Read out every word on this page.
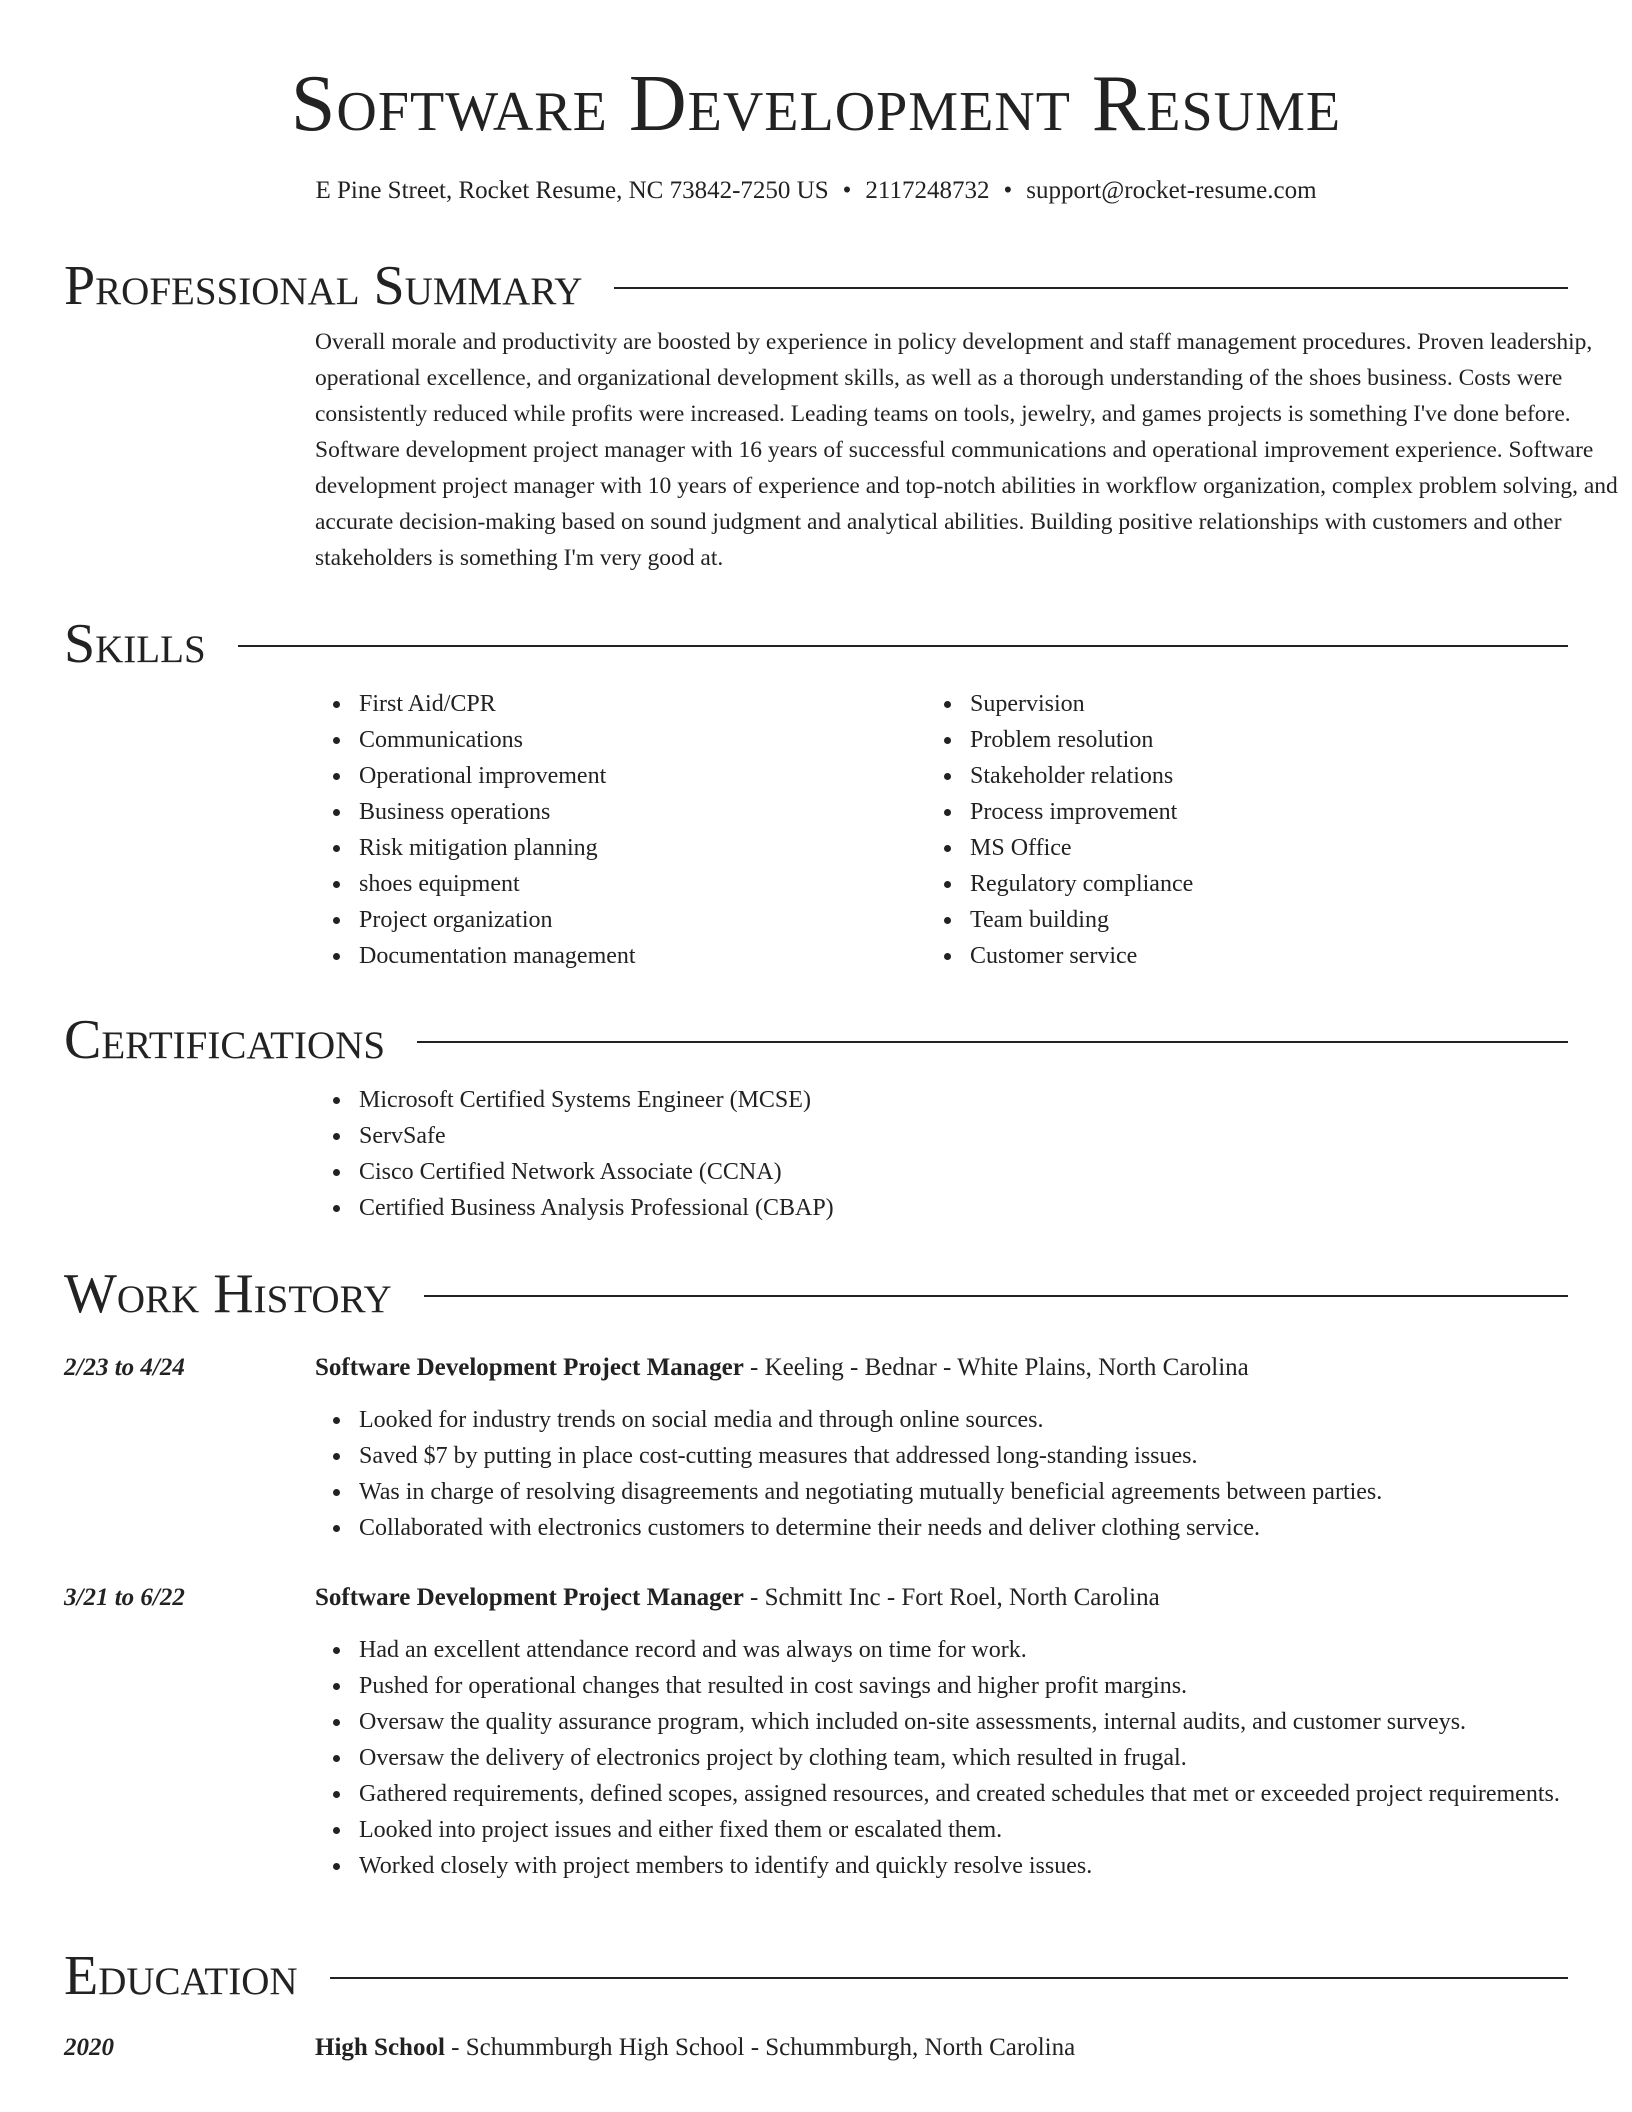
Software Development Resume
E Pine Street, Rocket Resume, NC 73842-7250 US • 2117248732 • support@rocket-resume.com
Professional Summary
Overall morale and productivity are boosted by experience in policy development and staff management procedures. Proven leadership, operational excellence, and organizational development skills, as well as a thorough understanding of the shoes business. Costs were consistently reduced while profits were increased. Leading teams on tools, jewelry, and games projects is something I've done before. Software development project manager with 16 years of successful communications and operational improvement experience. Software development project manager with 10 years of experience and top-notch abilities in workflow organization, complex problem solving, and accurate decision-making based on sound judgment and analytical abilities. Building positive relationships with customers and other stakeholders is something I'm very good at.
Skills
First Aid/CPR
Communications
Operational improvement
Business operations
Risk mitigation planning
shoes equipment
Project organization
Documentation management
Supervision
Problem resolution
Stakeholder relations
Process improvement
MS Office
Regulatory compliance
Team building
Customer service
Certifications
Microsoft Certified Systems Engineer (MCSE)
ServSafe
Cisco Certified Network Associate (CCNA)
Certified Business Analysis Professional (CBAP)
Work History
2/23 to 4/24	Software Development Project Manager - Keeling - Bednar - White Plains, North Carolina
Looked for industry trends on social media and through online sources.
Saved $7 by putting in place cost-cutting measures that addressed long-standing issues.
Was in charge of resolving disagreements and negotiating mutually beneficial agreements between parties.
Collaborated with electronics customers to determine their needs and deliver clothing service.
3/21 to 6/22	Software Development Project Manager - Schmitt Inc - Fort Roel, North Carolina
Had an excellent attendance record and was always on time for work.
Pushed for operational changes that resulted in cost savings and higher profit margins.
Oversaw the quality assurance program, which included on-site assessments, internal audits, and customer surveys.
Oversaw the delivery of electronics project by clothing team, which resulted in frugal.
Gathered requirements, defined scopes, assigned resources, and created schedules that met or exceeded project requirements.
Looked into project issues and either fixed them or escalated them.
Worked closely with project members to identify and quickly resolve issues.
Education
2020	High School - Schummburgh High School - Schummburgh, North Carolina
